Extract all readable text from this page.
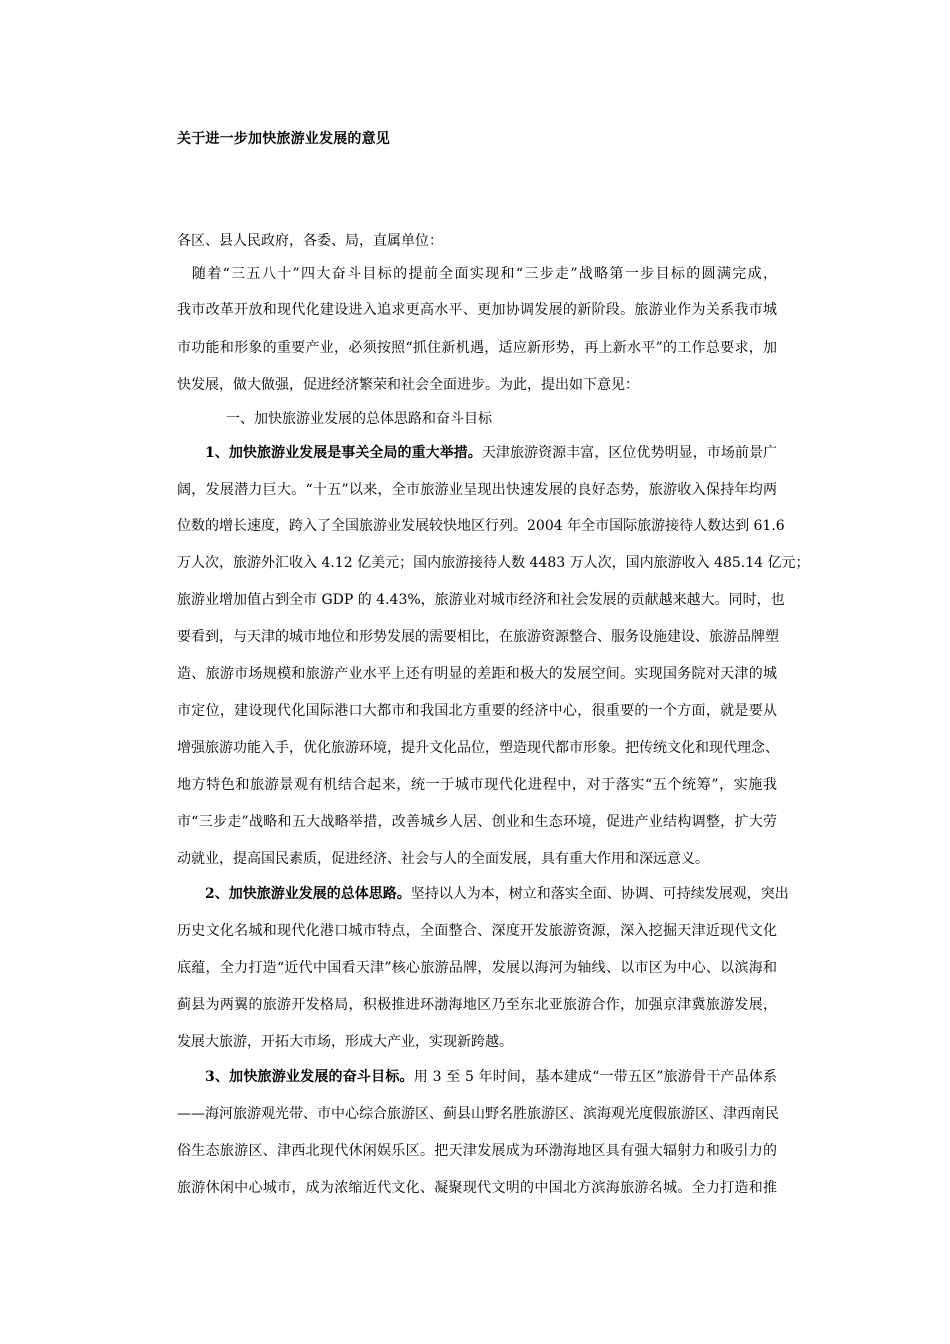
关于进一步加快旅游业发展的意见
各区、县人民政府，各委、局，直属单位：
随着“三五八十”四大奋斗目标的提前全面实现和“三步走”战略第一步目标的圆满完成，
我市改革开放和现代化建设进入追求更高水平、更加协调发展的新阶段。旅游业作为关系我市城
市功能和形象的重要产业，必须按照“抓住新机遇，适应新形势，再上新水平”的工作总要求，加
快发展，做大做强，促进经济繁荣和社会全面进步。为此，提出如下意见：
一、加快旅游业发展的总体思路和奋斗目标
1、加快旅游业发展是事关全局的重大举措。天津旅游资源丰富，区位优势明显，市场前景广
阔，发展潜力巨大。“十五”以来，全市旅游业呈现出快速发展的良好态势，旅游收入保持年均两
位数的增长速度，跨入了全国旅游业发展较快地区行列。2004 年全市国际旅游接待人数达到 61.6
万人次，旅游外汇收入 4.12 亿美元；国内旅游接待人数 4483 万人次，国内旅游收入 485.14 亿元；
旅游业增加值占到全市 GDP 的 4.43%，旅游业对城市经济和社会发展的贡献越来越大。同时，也
要看到，与天津的城市地位和形势发展的需要相比，在旅游资源整合、服务设施建设、旅游品牌塑
造、旅游市场规模和旅游产业水平上还有明显的差距和极大的发展空间。实现国务院对天津的城
市定位，建设现代化国际港口大都市和我国北方重要的经济中心，很重要的一个方面，就是要从
增强旅游功能入手，优化旅游环境，提升文化品位，塑造现代都市形象。把传统文化和现代理念、
地方特色和旅游景观有机结合起来，统一于城市现代化进程中，对于落实“五个统筹”，实施我
市“三步走”战略和五大战略举措，改善城乡人居、创业和生态环境，促进产业结构调整，扩大劳
动就业，提高国民素质，促进经济、社会与人的全面发展，具有重大作用和深远意义。
2、加快旅游业发展的总体思路。坚持以人为本，树立和落实全面、协调、可持续发展观，突出
历史文化名城和现代化港口城市特点，全面整合、深度开发旅游资源，深入挖掘天津近现代文化
底蕴，全力打造“近代中国看天津”核心旅游品牌，发展以海河为轴线、以市区为中心、以滨海和
蓟县为两翼的旅游开发格局，积极推进环渤海地区乃至东北亚旅游合作，加强京津冀旅游发展，
发展大旅游，开拓大市场，形成大产业，实现新跨越。
3、加快旅游业发展的奋斗目标。用 3 至 5 年时间，基本建成“一带五区”旅游骨干产品体系
——海河旅游观光带、市中心综合旅游区、蓟县山野名胜旅游区、滨海观光度假旅游区、津西南民
俗生态旅游区、津西北现代休闲娱乐区。把天津发展成为环渤海地区具有强大辐射力和吸引力的
旅游休闲中心城市，成为浓缩近代文化、凝聚现代文明的中国北方滨海旅游名城。全力打造和推
